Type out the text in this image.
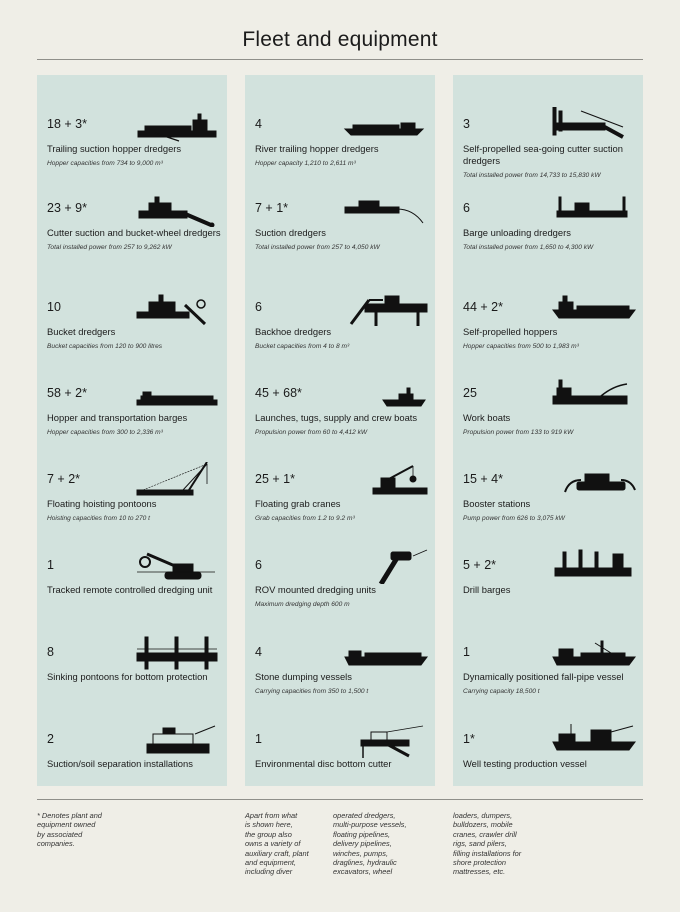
Fleet and equipment
18 + 3*
Trailing suction hopper dredgers
Hopper capacities from 734 to 9,000 m³
23 + 9*
Cutter suction and bucket-wheel dredgers
Total installed power from 257 to 9,262 kW
10
Bucket dredgers
Bucket capacities from 120 to 900 litres
58 + 2*
Hopper and transportation barges
Hopper capacities from 300 to 2,336 m³
7 + 2*
Floating hoisting pontoons
Hoisting capacities from 10 to 270 t
1
Tracked remote controlled dredging unit
8
Sinking pontoons for bottom protection
2
Suction/soil separation installations
4
River trailing hopper dredgers
Hopper capacity 1,210 to 2,611 m³
7 + 1*
Suction dredgers
Total installed power from 257 to 4,050 kW
6
Backhoe dredgers
Bucket capacities from 4 to 8 m³
45 + 68*
Launches, tugs, supply and crew boats
Propulsion power from 60 to 4,412 kW
25 + 1*
Floating grab cranes
Grab capacities from 1.2 to 9.2 m³
6
ROV mounted dredging units
Maximum dredging depth 600 m
4
Stone dumping vessels
Carrying capacities from 350 to 1,500 t
1
Environmental disc bottom cutter
3
Self-propelled sea-going cutter suction dredgers
Total installed power from 14,733 to 15,830 kW
6
Barge unloading dredgers
Total installed power from 1,650 to 4,300 kW
44 + 2*
Self-propelled hoppers
Hopper capacities from 500 to 1,983 m³
25
Work boats
Propulsion power from 133 to 919 kW
15 + 4*
Booster stations
Pump power from 626 to 3,075 kW
5 + 2*
Drill barges
1
Dynamically positioned fall-pipe vessel
Carrying capacity 18,500 t
1*
Well testing production vessel
* Denotes plant and
equipment owned
by associated
companies.
Apart from what
is shown here,
the group also
owns a variety of
auxiliary craft, plant
and equipment,
including diver
operated dredgers,
multi-purpose vessels,
floating pipelines,
delivery pipelines,
winches, pumps,
draglines, hydraulic
excavators, wheel
loaders, dumpers,
bulldozers, mobile
cranes, crawler drill
rigs, sand pilers,
filling installations for
shore protection
mattresses, etc.
